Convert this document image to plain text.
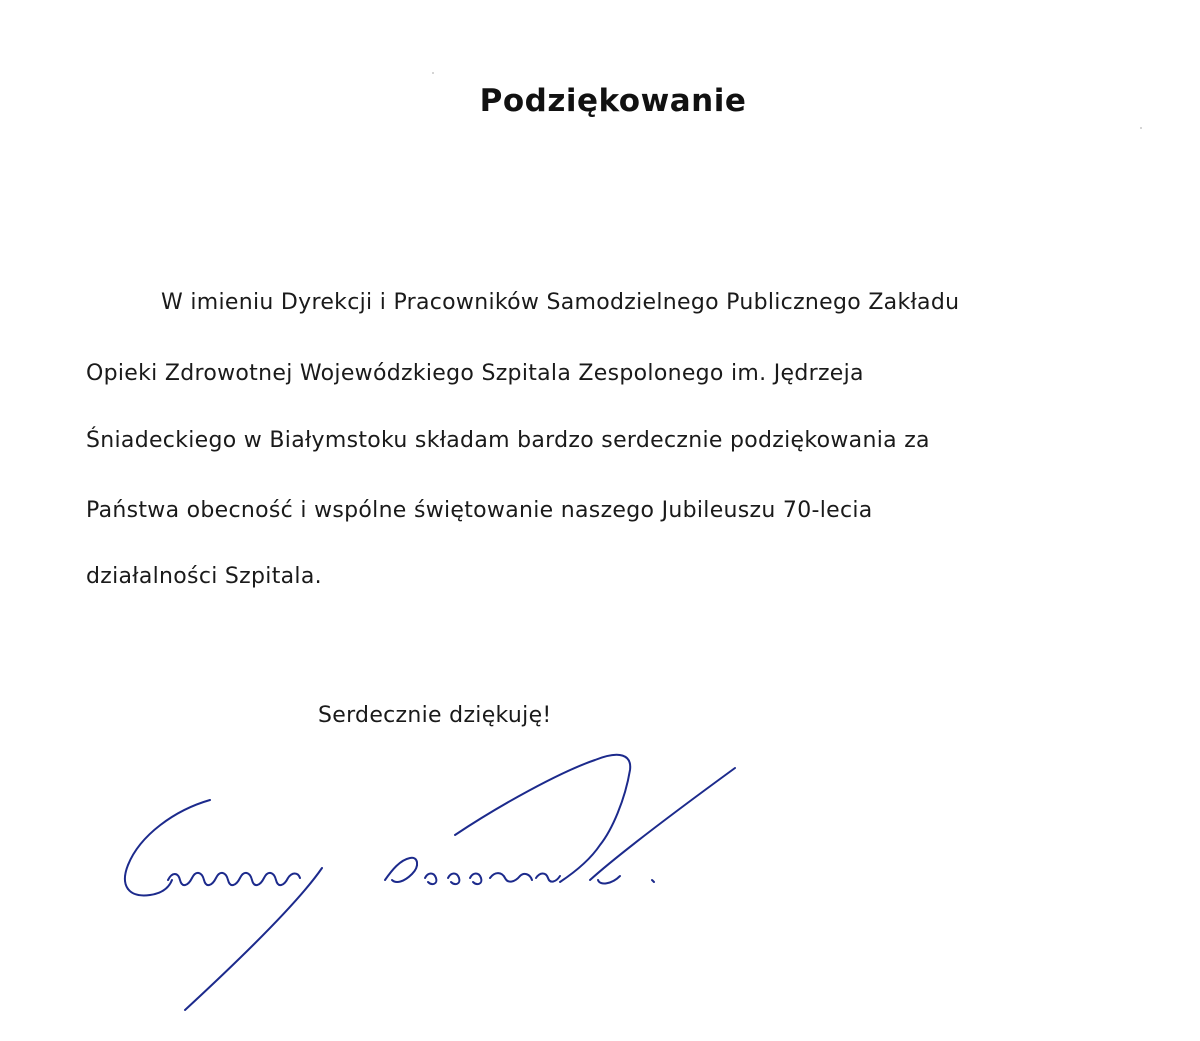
Podziękowanie
W imieniu Dyrekcji i Pracowników Samodzielnego Publicznego Zakładu
Opieki Zdrowotnej Wojewódzkiego Szpitala Zespolonego im. Jędrzeja
Śniadeckiego w Białymstoku składam bardzo serdecznie podziękowania za
Państwa obecność i wspólne świętowanie naszego Jubileuszu 70-lecia
działalności Szpitala.
Serdecznie dziękuję!
